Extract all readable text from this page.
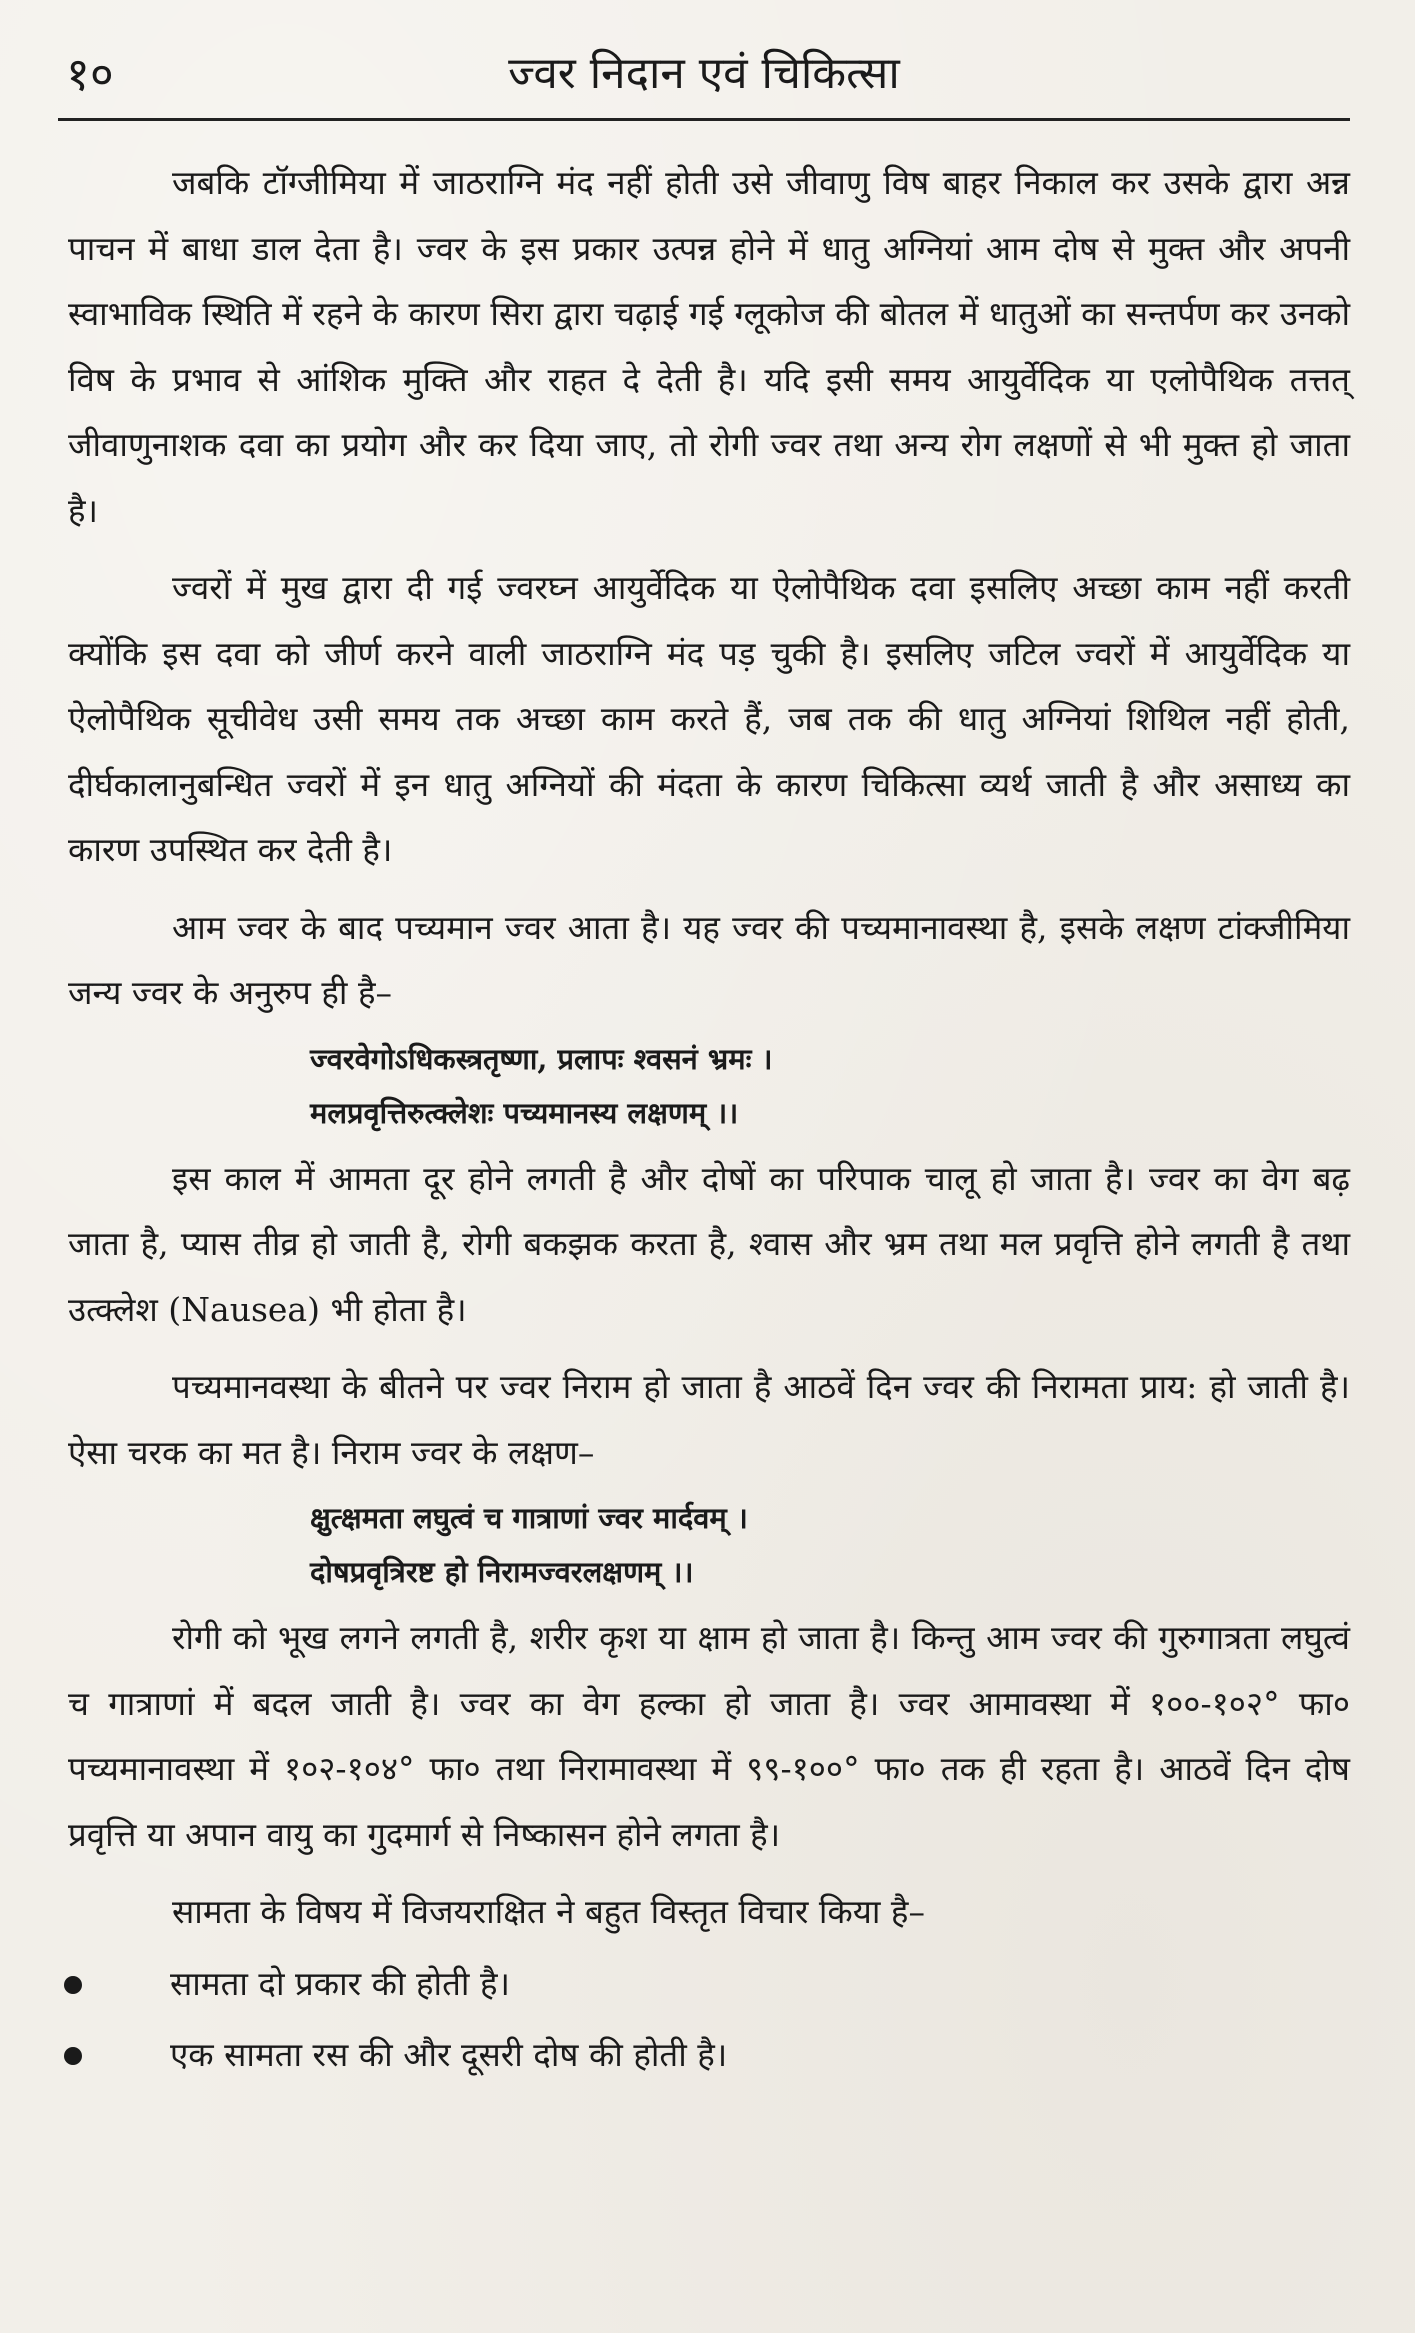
१०	ज्वर निदान एवं चिकित्सा

जबकि टॉग्जीमिया में जाठराग्नि मंद नहीं होती उसे जीवाणु विष बाहर निकाल कर उसके द्वारा अन्न पाचन में बाधा डाल देता है। ज्वर के इस प्रकार उत्पन्न होने में धातु अग्नियां आम दोष से मुक्त और अपनी स्वाभाविक स्थिति में रहने के कारण सिरा द्वारा चढ़ाई गई ग्लूकोज की बोतल में धातुओं का सन्तर्पण कर उनको विष के प्रभाव से आंशिक मुक्ति और राहत दे देती है। यदि इसी समय आयुर्वेदिक या एलोपैथिक तत्तत् जीवाणुनाशक दवा का प्रयोग और कर दिया जाए, तो रोगी ज्वर तथा अन्य रोग लक्षणों से भी मुक्त हो जाता है।

ज्वरों में मुख द्वारा दी गई ज्वरघ्न आयुर्वेदिक या ऐलोपैथिक दवा इसलिए अच्छा काम नहीं करती क्योंकि इस दवा को जीर्ण करने वाली जाठराग्नि मंद पड़ चुकी है। इसलिए जटिल ज्वरों में आयुर्वेदिक या ऐलोपैथिक सूचीवेध उसी समय तक अच्छा काम करते हैं, जब तक की धातु अग्नियां शिथिल नहीं होती, दीर्घकालानुबन्धित ज्वरों में इन धातु अग्नियों की मंदता के कारण चिकित्सा व्यर्थ जाती है और असाध्य का कारण उपस्थित कर देती है।

आम ज्वर के बाद पच्यमान ज्वर आता है। यह ज्वर की पच्यमानावस्था है, इसके लक्षण टांक्जीमिया जन्य ज्वर के अनुरुप ही है–

ज्वरवेगोऽधिकस्त्रतृष्णा, प्रलापः श्वसनं भ्रमः ।
मलप्रवृत्तिरुत्क्लेशः पच्यमानस्य लक्षणम् ।।

इस काल में आमता दूर होने लगती है और दोषों का परिपाक चालू हो जाता है। ज्वर का वेग बढ़ जाता है, प्यास तीव्र हो जाती है, रोगी बकझक करता है, श्वास और भ्रम तथा मल प्रवृत्ति होने लगती है तथा उत्क्लेश (Nausea) भी होता है।

पच्यमानवस्था के बीतने पर ज्वर निराम हो जाता है आठवें दिन ज्वर की निरामता प्राय: हो जाती है। ऐसा चरक का मत है। निराम ज्वर के लक्षण–

क्षुत्क्षमता लघुत्वं च गात्राणां ज्वर मार्दवम् ।
दोषप्रवृत्रिरष्ट हो निरामज्वरलक्षणम् ।।

रोगी को भूख लगने लगती है, शरीर कृश या क्षाम हो जाता है। किन्तु आम ज्वर की गुरुगात्रता लघुत्वं च गात्राणां में बदल जाती है। ज्वर का वेग हल्का हो जाता है। ज्वर आमावस्था में १००-१०२° फा० पच्यमानावस्था में १०२-१०४° फा० तथा निरामावस्था में ९९-१००° फा० तक ही रहता है। आठवें दिन दोष प्रवृत्ति या अपान वायु का गुदमार्ग से निष्कासन होने लगता है।

सामता के विषय में विजयराक्षित ने बहुत विस्तृत विचार किया है–

सामता दो प्रकार की होती है।
एक सामता रस की और दूसरी दोष की होती है।
